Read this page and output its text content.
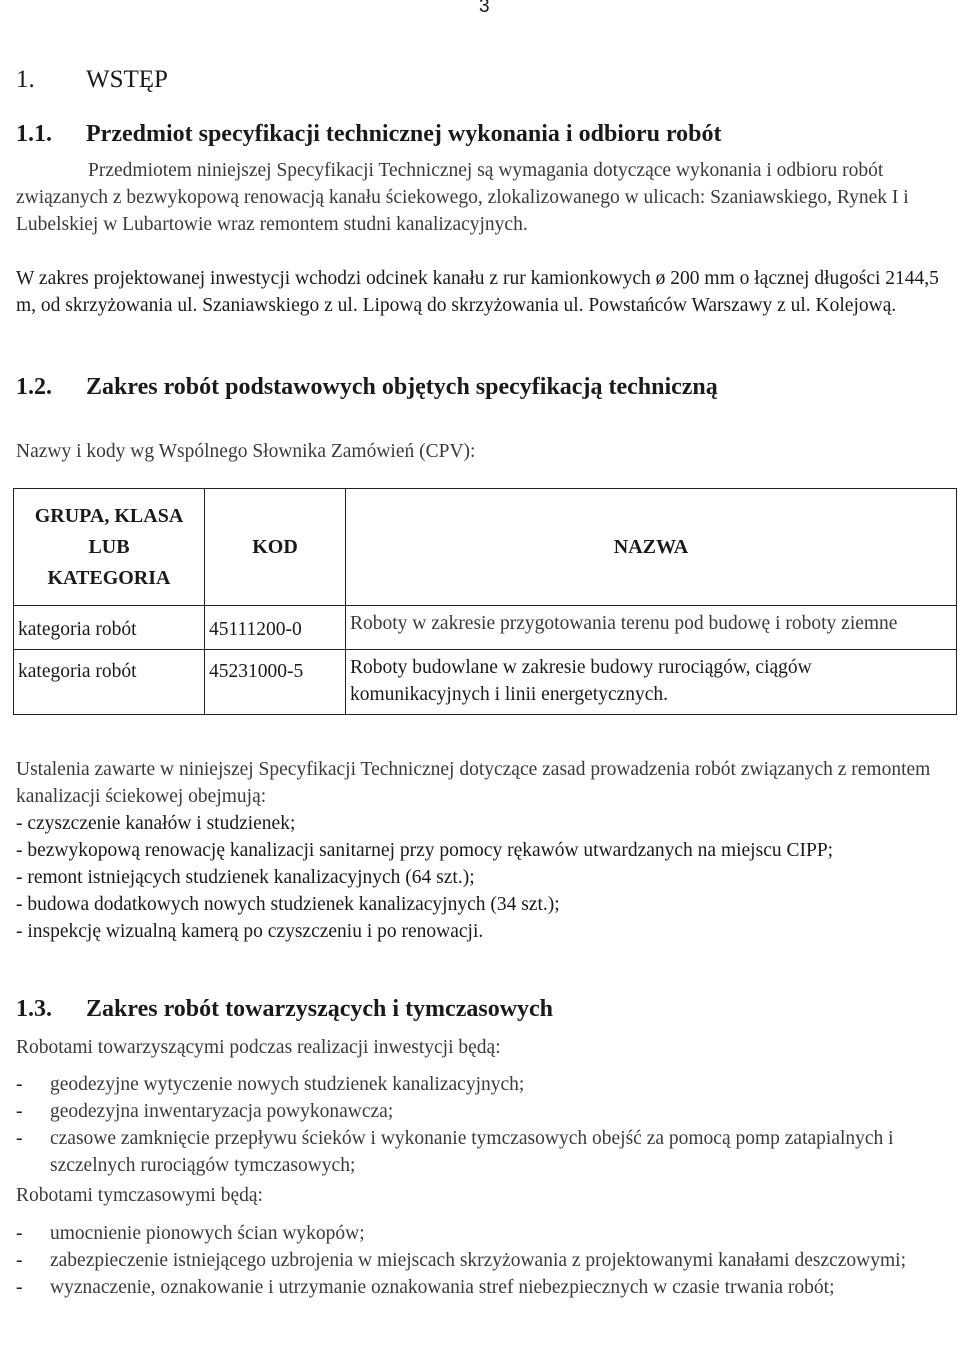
3
1. WSTĘP
1.1. Przedmiot specyfikacji technicznej wykonania i odbioru robót
Przedmiotem niniejszej Specyfikacji Technicznej są wymagania dotyczące wykonania i odbioru robót związanych z bezwykopową renowacją kanału ściekowego, zlokalizowanego w ulicach: Szaniawskiego, Rynek I i Lubelskiej w Lubartowie wraz remontem studni kanalizacyjnych.
W zakres projektowanej inwestycji wchodzi odcinek kanału z rur kamionkowych ø 200 mm o łącznej długości 2144,5 m, od skrzyżowania ul. Szaniawskiego z ul. Lipową do skrzyżowania ul. Powstańców Warszawy z ul. Kolejową.
1.2. Zakres robót podstawowych objętych specyfikacją techniczną
Nazwy i kody wg Wspólnego Słownika Zamówień (CPV):
GRUPA, KLASA LUB KATEGORIA	KOD	NAZWA

kategoria robót	45111200-0	Roboty w zakresie przygotowania terenu pod budowę i roboty ziemne

kategoria robót	45231000-5	Roboty budowlane w zakresie budowy rurociągów, ciągów komunikacyjnych i linii energetycznych.
Ustalenia zawarte w niniejszej Specyfikacji Technicznej dotyczące zasad prowadzenia robót związanych z remontem kanalizacji ściekowej obejmują:
- czyszczenie kanałów i studzienek;
- bezwykopową renowację kanalizacji sanitarnej przy pomocy rękawów utwardzanych na miejscu CIPP;
- remont istniejących studzienek kanalizacyjnych (64 szt.);
- budowa dodatkowych nowych studzienek kanalizacyjnych (34 szt.);
- inspekcję wizualną kamerą po czyszczeniu i po renowacji.
1.3. Zakres robót towarzyszących i tymczasowych
Robotami towarzyszącymi podczas realizacji inwestycji będą:
-	geodezyjne wytyczenie nowych studzienek kanalizacyjnych;
-	geodezyjna inwentaryzacja powykonawcza;
-	czasowe zamknięcie przepływu ścieków i wykonanie tymczasowych obejść za pomocą pomp zatapialnych i szczelnych rurociągów tymczasowych;
Robotami tymczasowymi będą:
-	umocnienie pionowych ścian wykopów;
-	zabezpieczenie istniejącego uzbrojenia w miejscach skrzyżowania z projektowanymi kanałami deszczowymi;
-	wyznaczenie, oznakowanie i utrzymanie oznakowania stref niebezpiecznych w czasie trwania robót;
